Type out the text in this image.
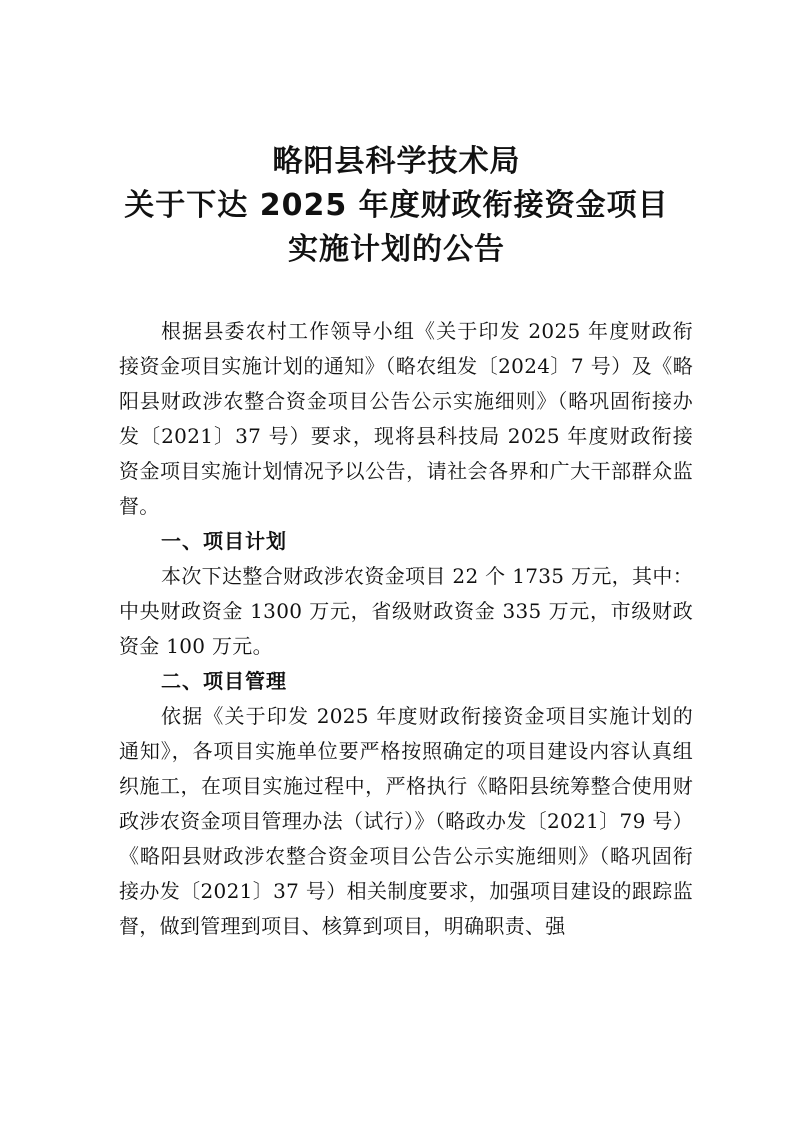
略阳县科学技术局
关于下达 2025 年度财政衔接资金项目
实施计划的公告

根据县委农村工作领导小组《关于印发 2025 年度财政衔接资金项目实施计划的通知》（略农组发〔2024〕7 号）及《略阳县财政涉农整合资金项目公告公示实施细则》（略巩固衔接办发〔2021〕37 号）要求，现将县科技局 2025 年度财政衔接资金项目实施计划情况予以公告，请社会各界和广大干部群众监督。

一、项目计划

本次下达整合财政涉农资金项目 22 个 1735 万元，其中：中央财政资金 1300 万元，省级财政资金 335 万元，市级财政资金 100 万元。

二、项目管理

依据《关于印发 2025 年度财政衔接资金项目实施计划的通知》，各项目实施单位要严格按照确定的项目建设内容认真组织施工，在项目实施过程中，严格执行《略阳县统筹整合使用财政涉农资金项目管理办法（试行）》（略政办发〔2021〕79 号）《略阳县财政涉农整合资金项目公告公示实施细则》（略巩固衔接办发〔2021〕37 号）相关制度要求，加强项目建设的跟踪监督，做到管理到项目、核算到项目，明确职责、强
